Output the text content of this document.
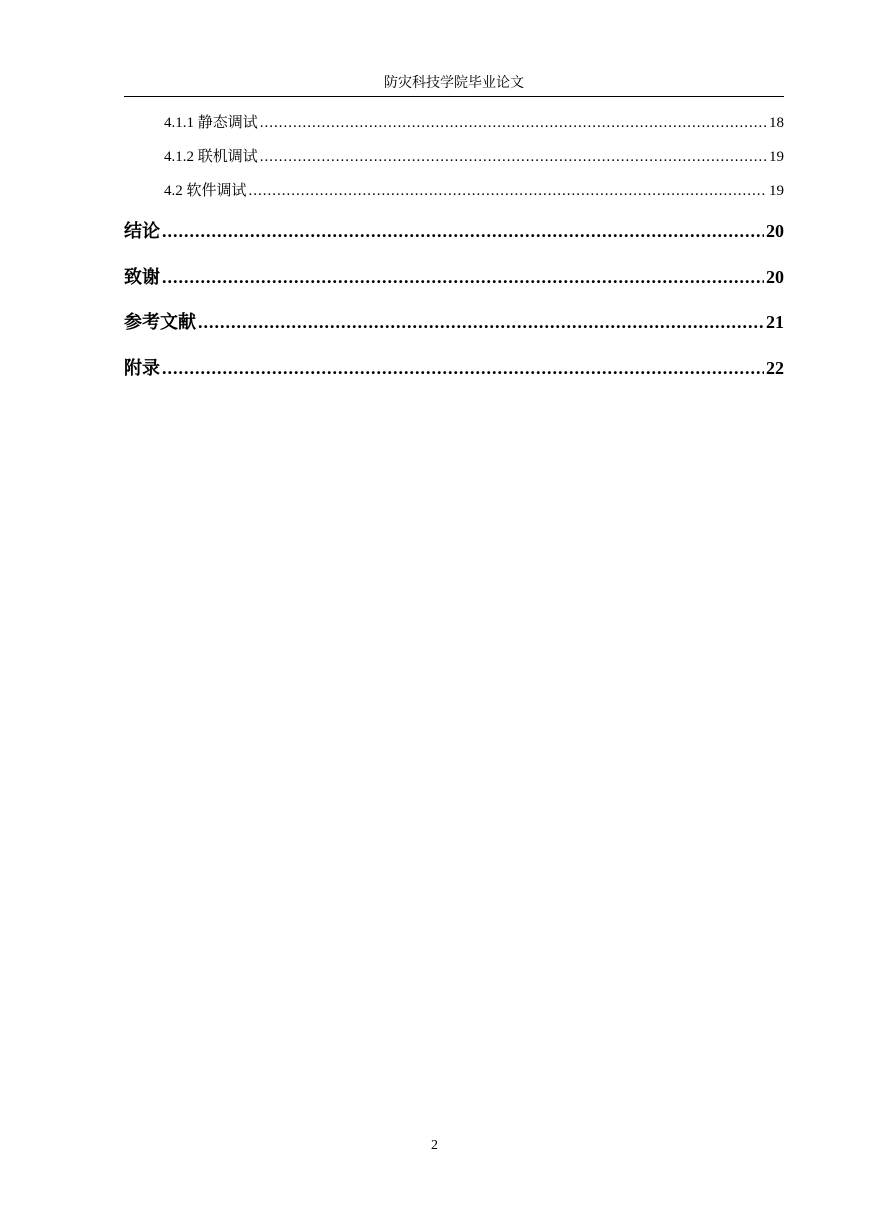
防灾科技学院毕业论文
4.1.1 静态调试 .....	18
4.1.2 联机调试 .....	19
4.2 软件调试 .....	19
结论 .....	20
致谢 .....	20
参考文献 .....	21
附录 .....	22
2
